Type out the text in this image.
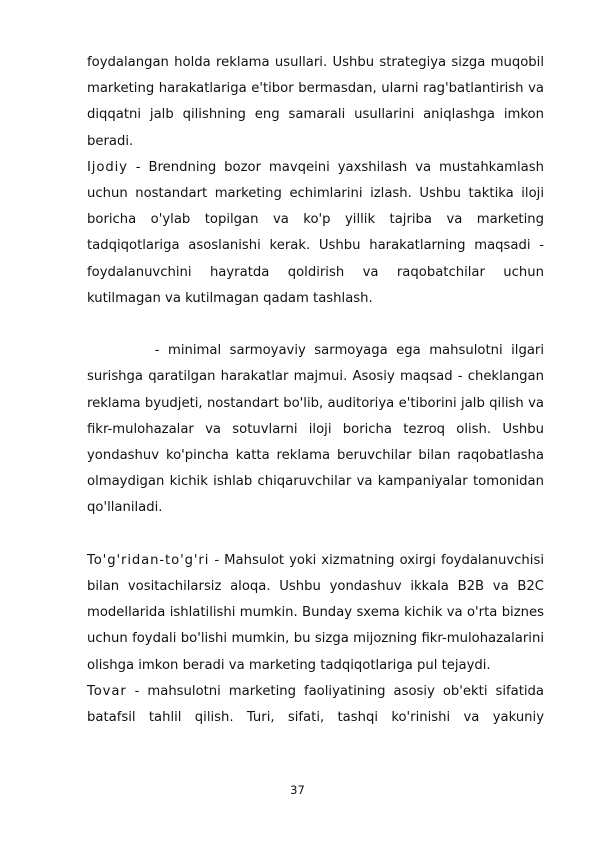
foydalangan holda reklama usullari. Ushbu strategiya sizga muqobil marketing harakatlariga e'tibor bermasdan, ularni rag'batlantirish va diqqatni jalb qilishning eng samarali usullarini aniqlashga imkon beradi.

Ijodiy - Brendning bozor mavqeini yaxshilash va mustahkamlash uchun nostandart marketing echimlarini izlash. Ushbu taktika iloji boricha o'ylab topilgan va ko'p yillik tajriba va marketing tadqiqotlariga asoslanishi kerak. Ushbu harakatlarning maqsadi - foydalanuvchini hayratda qoldirish va raqobatchilar uchun kutilmagan va kutilmagan qadam tashlash.

- minimal sarmoyaviy sarmoyaga ega mahsulotni ilgari surishga qaratilgan harakatlar majmui. Asosiy maqsad - cheklangan reklama byudjeti, nostandart bo'lib, auditoriya e'tiborini jalb qilish va fikr-mulohazalar va sotuvlarni iloji boricha tezroq olish. Ushbu yondashuv ko'pincha katta reklama beruvchilar bilan raqobatlasha olmaydigan kichik ishlab chiqaruvchilar va kampaniyalar tomonidan qo'llaniladi.

To'g'ridan-to'g'ri - Mahsulot yoki xizmatning oxirgi foydalanuvchisi bilan vositachilarsiz aloqa. Ushbu yondashuv ikkala B2B va B2C modellarida ishlatilishi mumkin. Bunday sxema kichik va o'rta biznes uchun foydali bo'lishi mumkin, bu sizga mijozning fikr-mulohazalarini olishga imkon beradi va marketing tadqiqotlariga pul tejaydi.

Tovar - mahsulotni marketing faoliyatining asosiy ob'ekti sifatida batafsil tahlil qilish. Turi, sifati, tashqi ko'rinishi va yakuniy

37
